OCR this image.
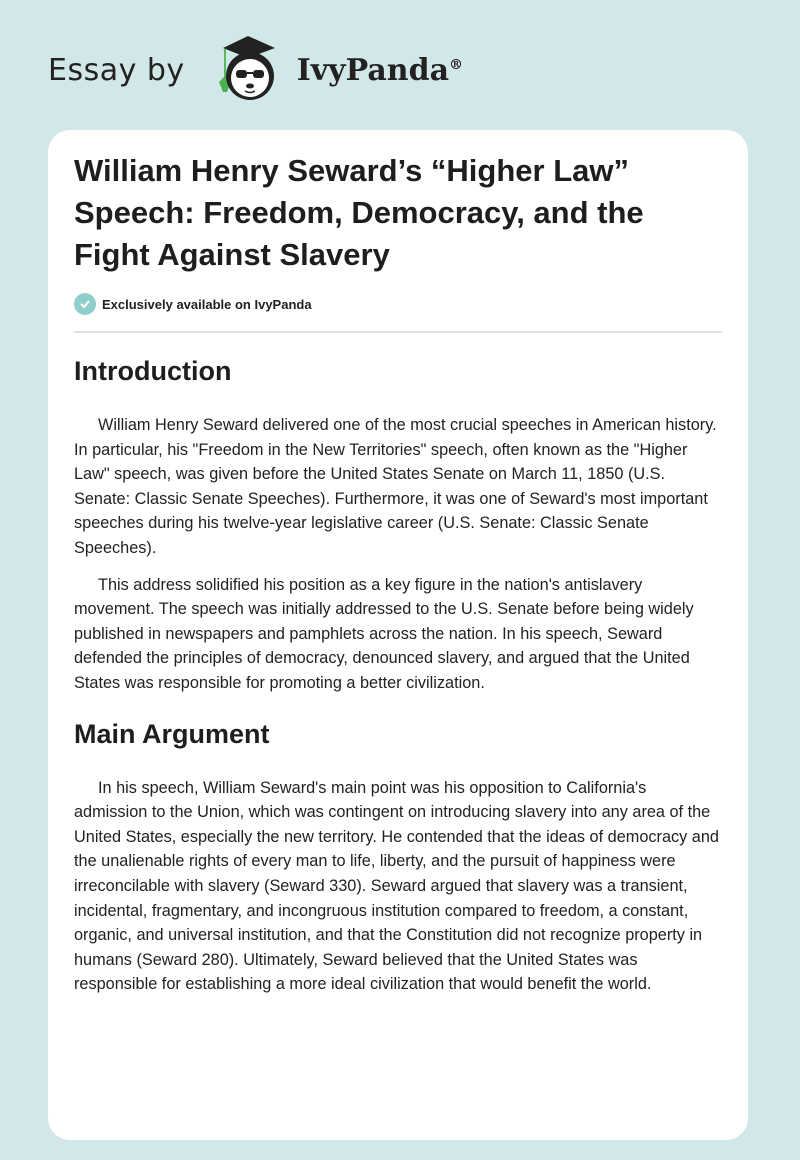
Essay by	IvyPanda®
William Henry Seward’s “Higher Law” Speech: Freedom, Democracy, and the Fight Against Slavery
Exclusively available on IvyPanda
Introduction

William Henry Seward delivered one of the most crucial speeches in American history. In particular, his "Freedom in the New Territories" speech, often known as the "Higher Law" speech, was given before the United States Senate on March 11, 1850 (U.S. Senate: Classic Senate Speeches). Furthermore, it was one of Seward's most important speeches during his twelve-year legislative career (U.S. Senate: Classic Senate Speeches).

This address solidified his position as a key figure in the nation's antislavery movement. The speech was initially addressed to the U.S. Senate before being widely published in newspapers and pamphlets across the nation. In his speech, Seward defended the principles of democracy, denounced slavery, and argued that the United States was responsible for promoting a better civilization.

Main Argument

In his speech, William Seward's main point was his opposition to California's admission to the Union, which was contingent on introducing slavery into any area of the United States, especially the new territory. He contended that the ideas of democracy and the unalienable rights of every man to life, liberty, and the pursuit of happiness were irreconcilable with slavery (Seward 330). Seward argued that slavery was a transient, incidental, fragmentary, and incongruous institution compared to freedom, a constant, organic, and universal institution, and that the Constitution did not recognize property in humans (Seward 280). Ultimately, Seward believed that the United States was responsible for establishing a more ideal civilization that would benefit the world.
